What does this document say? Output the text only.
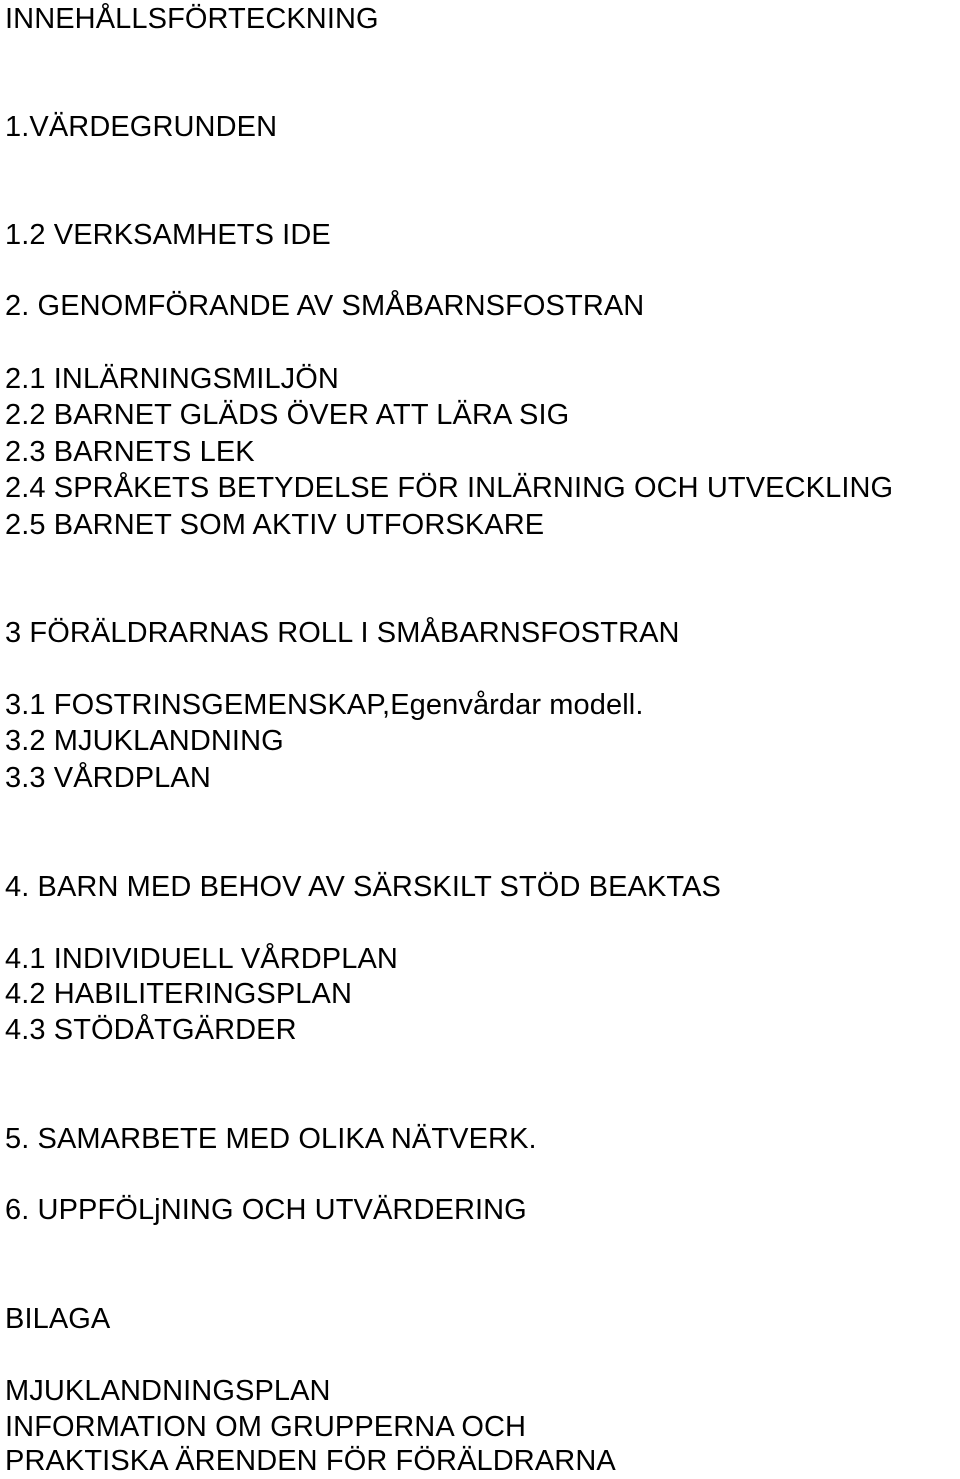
INNEHÅLLSFÖRTECKNING
1.VÄRDEGRUNDEN
1.2 VERKSAMHETS IDE
2. GENOMFÖRANDE AV SMÅBARNSFOSTRAN
2.1 INLÄRNINGSMILJÖN
2.2 BARNET GLÄDS ÖVER ATT LÄRA SIG
2.3 BARNETS LEK
2.4 SPRÅKETS BETYDELSE FÖR INLÄRNING OCH UTVECKLING
2.5 BARNET SOM AKTIV UTFORSKARE
3 FÖRÄLDRARNAS ROLL I SMÅBARNSFOSTRAN
3.1 FOSTRINSGEMENSKAP,Egenvårdar modell.
3.2 MJUKLANDNING
3.3 VÅRDPLAN
4. BARN MED BEHOV AV SÄRSKILT STÖD BEAKTAS
4.1 INDIVIDUELL VÅRDPLAN
4.2 HABILITERINGSPLAN
4.3 STÖDÅTGÄRDER
5. SAMARBETE MED OLIKA NÄTVERK.
6. UPPFÖLjNING OCH UTVÄRDERING
BILAGA
MJUKLANDNINGSPLAN
INFORMATION OM GRUPPERNA OCH
PRAKTISKA ÄRENDEN FÖR FÖRÄLDRARNA
